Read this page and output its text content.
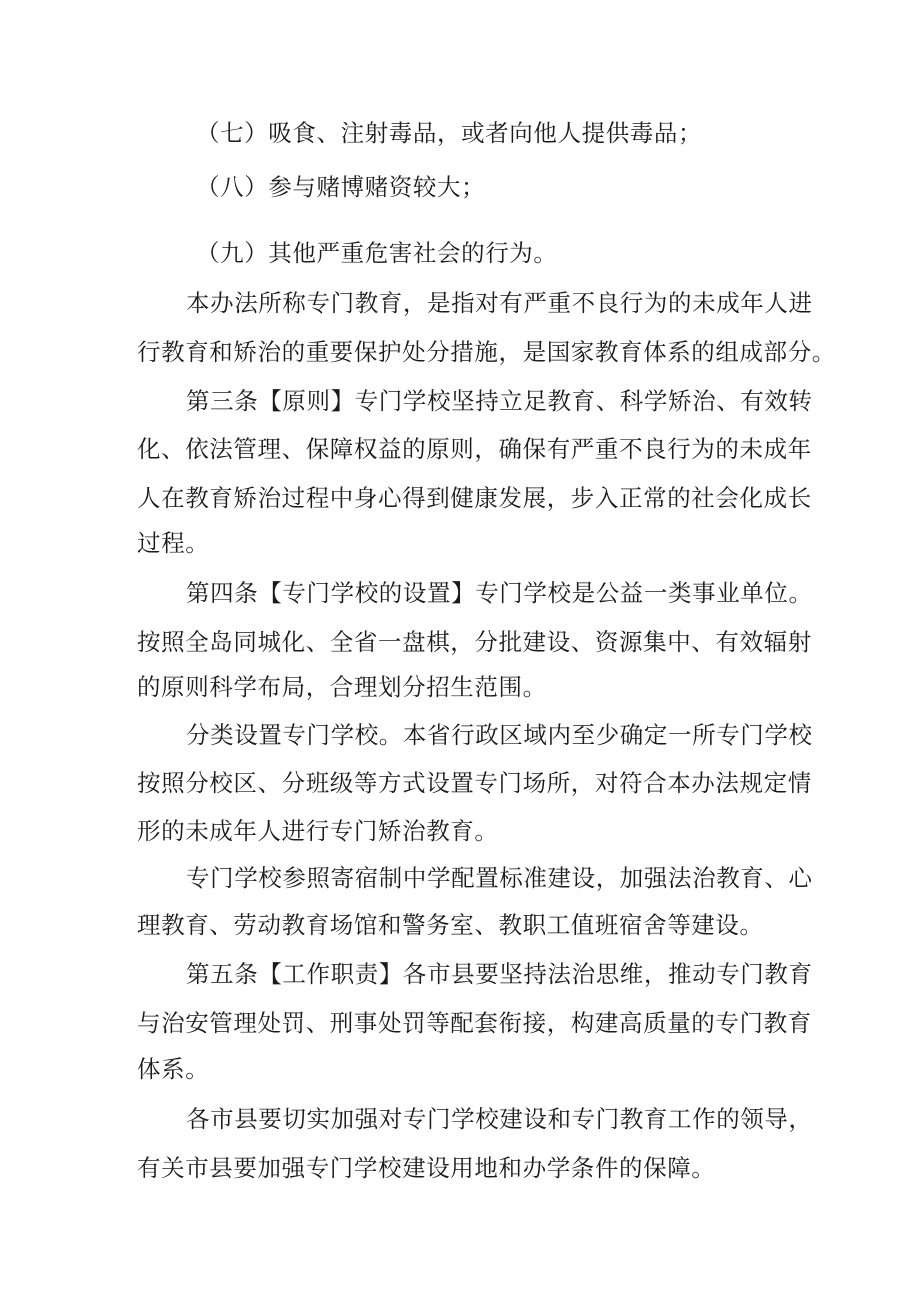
（七）吸食、注射毒品，或者向他人提供毒品；
（八）参与赌博赌资较大；
（九）其他严重危害社会的行为。
本办法所称专门教育，是指对有严重不良行为的未成年人进
行教育和矫治的重要保护处分措施，是国家教育体系的组成部分。
第三条【原则】专门学校坚持立足教育、科学矫治、有效转
化、依法管理、保障权益的原则，确保有严重不良行为的未成年
人在教育矫治过程中身心得到健康发展，步入正常的社会化成长
过程。
第四条【专门学校的设置】专门学校是公益一类事业单位。
按照全岛同城化、全省一盘棋，分批建设、资源集中、有效辐射
的原则科学布局，合理划分招生范围。
分类设置专门学校。本省行政区域内至少确定一所专门学校
按照分校区、分班级等方式设置专门场所，对符合本办法规定情
形的未成年人进行专门矫治教育。
专门学校参照寄宿制中学配置标准建设，加强法治教育、心
理教育、劳动教育场馆和警务室、教职工值班宿舍等建设。
第五条【工作职责】各市县要坚持法治思维，推动专门教育
与治安管理处罚、刑事处罚等配套衔接，构建高质量的专门教育
体系。
各市县要切实加强对专门学校建设和专门教育工作的领导，
有关市县要加强专门学校建设用地和办学条件的保障。
